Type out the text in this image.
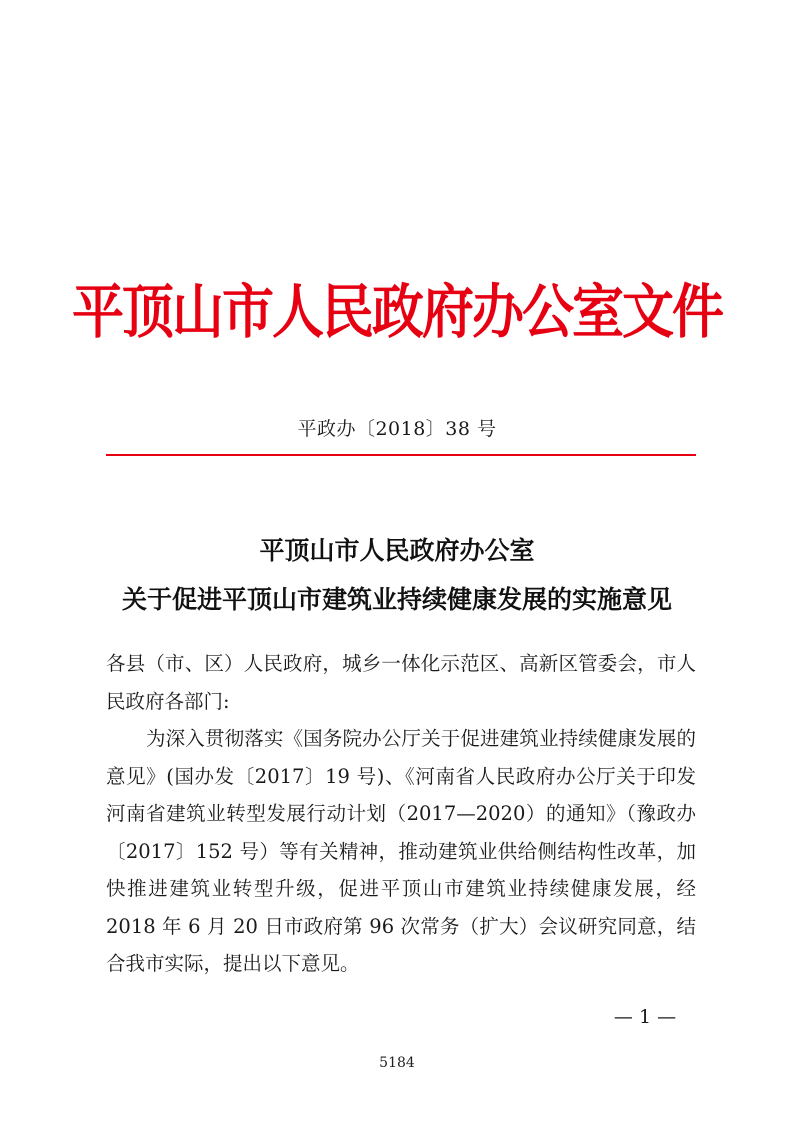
平顶山市人民政府办公室文件
平政办〔2018〕38 号
平顶山市人民政府办公室
关于促进平顶山市建筑业持续健康发展的实施意见

各县（市、区）人民政府，城乡一体化示范区、高新区管委会，市人民政府各部门:

为深入贯彻落实《国务院办公厅关于促进建筑业持续健康发展的意见》(国办发〔2017〕19 号)、《河南省人民政府办公厅关于印发河南省建筑业转型发展行动计划（2017—2020）的通知》（豫政办〔2017〕152 号）等有关精神，推动建筑业供给侧结构性改革，加快推进建筑业转型升级，促进平顶山市建筑业持续健康发展，经 2018 年 6 月 20 日市政府第 96 次常务（扩大）会议研究同意，结合我市实际，提出以下意见。

— 1 —
5184
